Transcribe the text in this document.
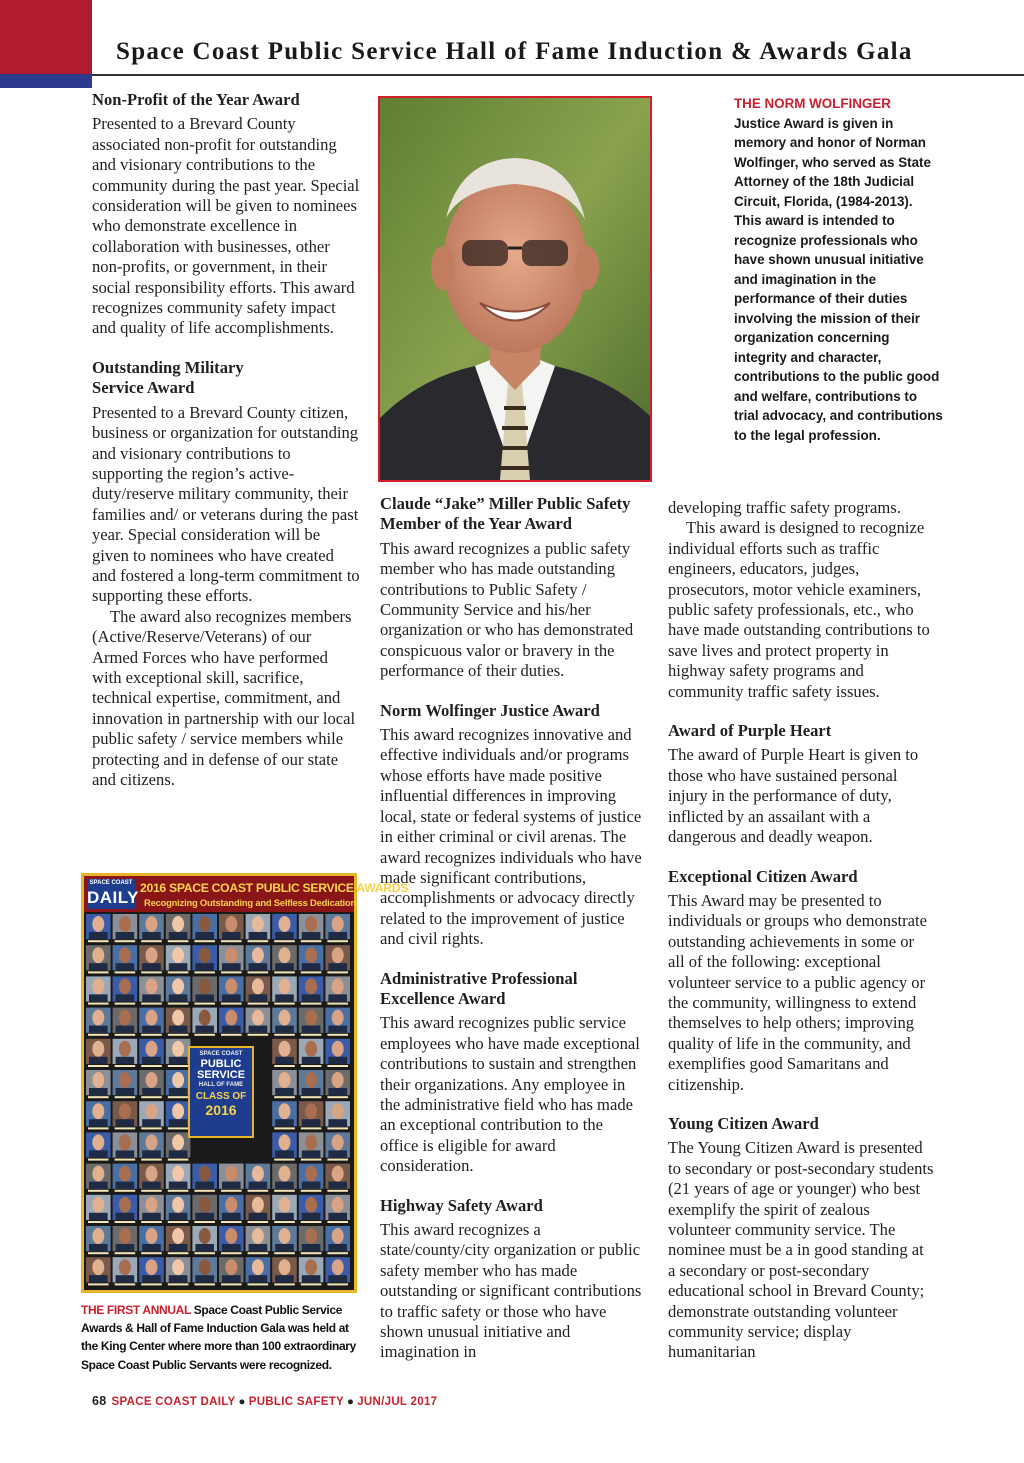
Space Coast Public Service Hall of Fame Induction & Awards Gala
Non-Profit of the Year Award

Presented to a Brevard County associated non-profit for outstanding and visionary contributions to the community during the past year. Special consideration will be given to nominees who demonstrate excellence in collaboration with businesses, other non-profits, or government, in their social responsibility efforts. This award recognizes community safety impact and quality of life accomplishments.

Outstanding Military Service Award

Presented to a Brevard County citizen, business or organization for outstanding and visionary contributions to supporting the region’s active-duty/reserve military community, their families and/ or veterans during the past year. Special consideration will be given to nominees who have created and fostered a long-term commitment to supporting these efforts.

The award also recognizes members (Active/Reserve/Veterans) of our Armed Forces who have performed with exceptional skill, sacrifice, technical expertise, commitment, and innovation in partnership with our local public safety / service members while protecting and in defense of our state and citizens.

THE NORM WOLFINGER
Justice Award is given in memory and honor of Norman Wolfinger, who served as State Attorney of the 18th Judicial Circuit, Florida, (1984-2013).
This award is intended to recognize professionals who have shown unusual initiative and imagination in the performance of their duties involving the mission of their organization concerning integrity and character, contributions to the public good and welfare, contributions to trial advocacy, and contributions to the legal profession.
Claude “Jake” Miller Public Safety Member of the Year Award

This award recognizes a public safety member who has made outstanding contributions to Public Safety / Community Service and his/her organization or who has demonstrated conspicuous valor or bravery in the performance of their duties.

Norm Wolfinger Justice Award

This award recognizes innovative and effective individuals and/or programs whose efforts have made positive influential differences in improving local, state or federal systems of justice in either criminal or civil arenas. The award recognizes individuals who have made significant contributions, accomplishments or advocacy directly related to the improvement of justice and civil rights.

Administrative Professional Excellence Award

This award recognizes public service employees who have made exceptional contributions to sustain and strengthen their organizations. Any employee in the administrative field who has made an exceptional contribution to the office is eligible for award consideration.

Highway Safety Award

This award recognizes a state/county/city organization or public safety member who has made outstanding or significant contributions to traffic safety or those who have shown unusual initiative and imagination in

developing traffic safety programs.

This award is designed to recognize individual efforts such as traffic engineers, educators, judges, prosecutors, motor vehicle examiners, public safety professionals, etc., who have made outstanding contributions to save lives and protect property in highway safety programs and community traffic safety issues.

Award of Purple Heart

The award of Purple Heart is given to those who have sustained personal injury in the performance of duty, inflicted by an assailant with a dangerous and deadly weapon.

Exceptional Citizen Award

This Award may be presented to individuals or groups who demonstrate outstanding achievements in some or all of the following: exceptional volunteer service to a public agency or the community, willingness to extend themselves to help others; improving quality of life in the community, and exemplifies good Samaritans and citizenship.

Young Citizen Award

The Young Citizen Award is presented to secondary or post-secondary students (21 years of age or younger) who best exemplify the spirit of zealous volunteer community service. The nominee must be a in good standing at a secondary or post-secondary educational school in Brevard County; demonstrate outstanding volunteer community service; display humanitarian

SPACE COAST
DAILY 2016 SPACE COAST PUBLIC SERVICE AWARDS
Recognizing Outstanding and Selfless Dedication
SPACE COAST
PUBLIC
SERVICE
HALL OF FAME
CLASS OF
2016
THE FIRST ANNUAL Space Coast Public Service Awards & Hall of Fame Induction Gala was held at the King Center where more than 100 extraordinary Space Coast Public Servants were recognized.
68 SPACE COAST DAILY ● PUBLIC SAFETY ● JUN/JUL 2017
